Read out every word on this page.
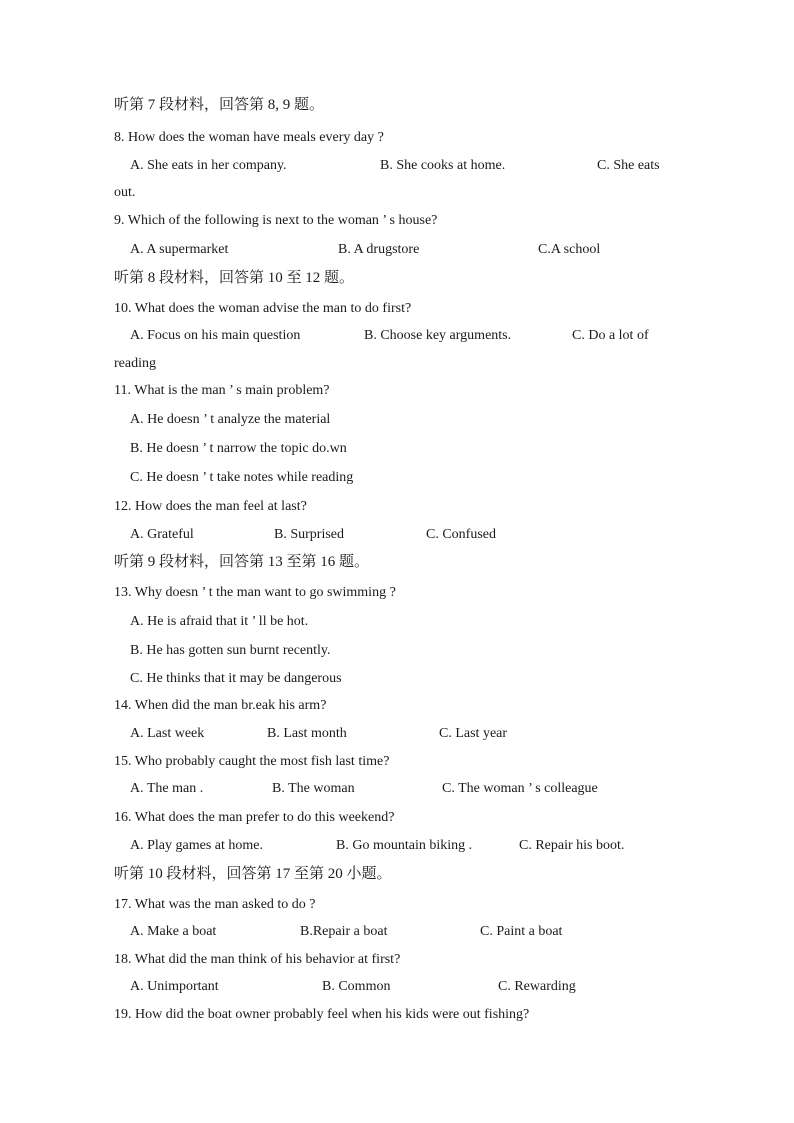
听第 7 段材料，回答第 8, 9 题。
8. How does the woman have meals every day ?
A. She eats in her company.	B. She cooks at home.	C. She eats
out.
9. Which of the following is next to the woman ’ s house?
A. A supermarket	B. A drugstore	C.A school
听第 8 段材料，回答第 10 至 12 题。
10. What does the woman advise the man to do first?
A. Focus on his main question	B. Choose key arguments.	C. Do a lot of
reading
11. What is the man ’ s main problem?
A. He doesn ’ t analyze the material
B. He doesn ’ t narrow the topic do.wn
C. He doesn ’ t take notes while reading
12. How does the man feel at last?
A. Grateful	B. Surprised	C. Confused
听第 9 段材料，回答第 13 至第 16 题。
13. Why doesn ’ t the man want to go swimming ?
A. He is afraid that it ’ ll be hot.
B. He has gotten sun burnt recently.
C. He thinks that it may be dangerous
14. When did the man br.eak his arm?
A. Last week	B. Last month	C. Last year
15. Who probably caught the most fish last time?
A. The man .	B. The woman	C. The woman ’ s colleague
16. What does the man prefer to do this weekend?
A. Play games at home.	B. Go mountain biking .	C. Repair his boot.
听第 10 段材料，回答第 17 至第 20 小题。
17. What was the man asked to do ?
A. Make a boat	B.Repair a boat	C. Paint a boat
18. What did the man think of his behavior at first?
A. Unimportant	B. Common	C. Rewarding
19. How did the boat owner probably feel when his kids were out fishing?
